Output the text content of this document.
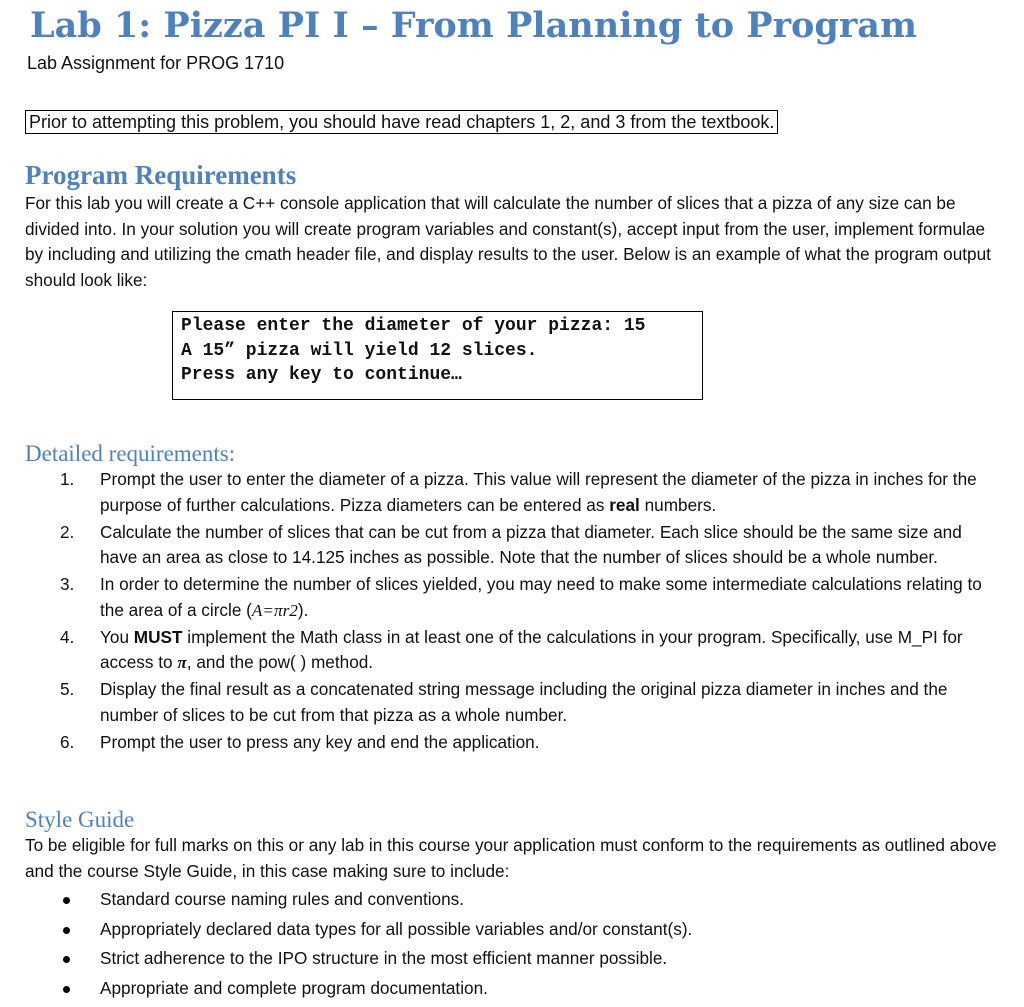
Lab 1: Pizza PI I – From Planning to Program
Lab Assignment for PROG 1710
Prior to attempting this problem, you should have read chapters 1, 2, and 3 from the textbook.
Program Requirements

For this lab you will create a C++ console application that will calculate the number of slices that a pizza of any size can be divided into. In your solution you will create program variables and constant(s), accept input from the user, implement formulae by including and utilizing the cmath header file, and display results to the user. Below is an example of what the program output should look like:

Please enter the diameter of your pizza: 15
A 15” pizza will yield 12 slices.
Press any key to continue…
Detailed requirements:
1. Prompt the user to enter the diameter of a pizza. This value will represent the diameter of the pizza in inches for the purpose of further calculations. Pizza diameters can be entered as real numbers.
2. Calculate the number of slices that can be cut from a pizza that diameter. Each slice should be the same size and have an area as close to 14.125 inches as possible. Note that the number of slices should be a whole number.
3. In order to determine the number of slices yielded, you may need to make some intermediate calculations relating to the area of a circle (A=πr2).
4. You MUST implement the Math class in at least one of the calculations in your program. Specifically, use M_PI for access to π, and the pow( ) method.
5. Display the final result as a concatenated string message including the original pizza diameter in inches and the number of slices to be cut from that pizza as a whole number.
6. Prompt the user to press any key and end the application.
Style Guide

To be eligible for full marks on this or any lab in this course your application must conform to the requirements as outlined above and the course Style Guide, in this case making sure to include:

Standard course naming rules and conventions.
Appropriately declared data types for all possible variables and/or constant(s).
Strict adherence to the IPO structure in the most efficient manner possible.
Appropriate and complete program documentation.
